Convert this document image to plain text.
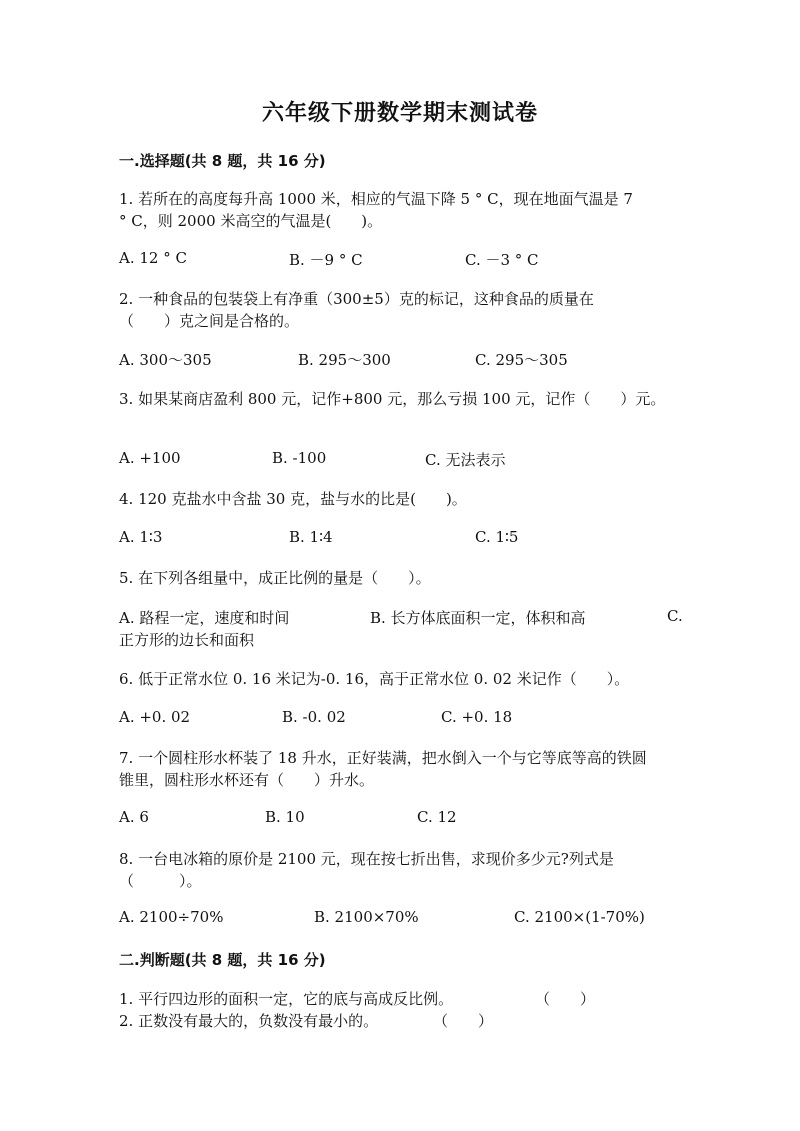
六年级下册数学期末测试卷
一.选择题(共 8 题，共 16 分)
1. 若所在的高度每升高 1000 米，相应的气温下降 5 ° C，现在地面气温是 7
° C，则 2000 米高空的气温是(　　)。
A. 12 ° C	B. －9 ° C	C. －3 ° C
2. 一种食品的包装袋上有净重（300±5）克的标记，这种食品的质量在
（　　）克之间是合格的。
A. 300～305	B. 295～300	C. 295～305
3. 如果某商店盈利 800 元，记作+800 元，那么亏损 100 元，记作（　　）元。
A. +100	B. -100	C. 无法表示
4. 120 克盐水中含盐 30 克，盐与水的比是(　　)。
A. 1∶3	B. 1∶4	C. 1∶5
5. 在下列各组量中，成正比例的量是（　　）。
A. 路程一定，速度和时间	B. 长方体底面积一定，体积和高	C.
正方形的边长和面积
6. 低于正常水位 0. 16 米记为-0. 16，高于正常水位 0. 02 米记作（　　）。
A. +0. 02	B. -0. 02	C. +0. 18
7. 一个圆柱形水杯装了 18 升水，正好装满，把水倒入一个与它等底等高的铁圆
锥里，圆柱形水杯还有（　　）升水。
A. 6	B. 10	C. 12
8. 一台电冰箱的原价是 2100 元，现在按七折出售，求现价多少元?列式是
（　　　）。
A. 2100÷70%	B. 2100×70%	C. 2100×(1-70%)
二.判断题(共 8 题，共 16 分)
1. 平行四边形的面积一定，它的底与高成反比例。	（　　）
2. 正数没有最大的，负数没有最小的。	（　　）
